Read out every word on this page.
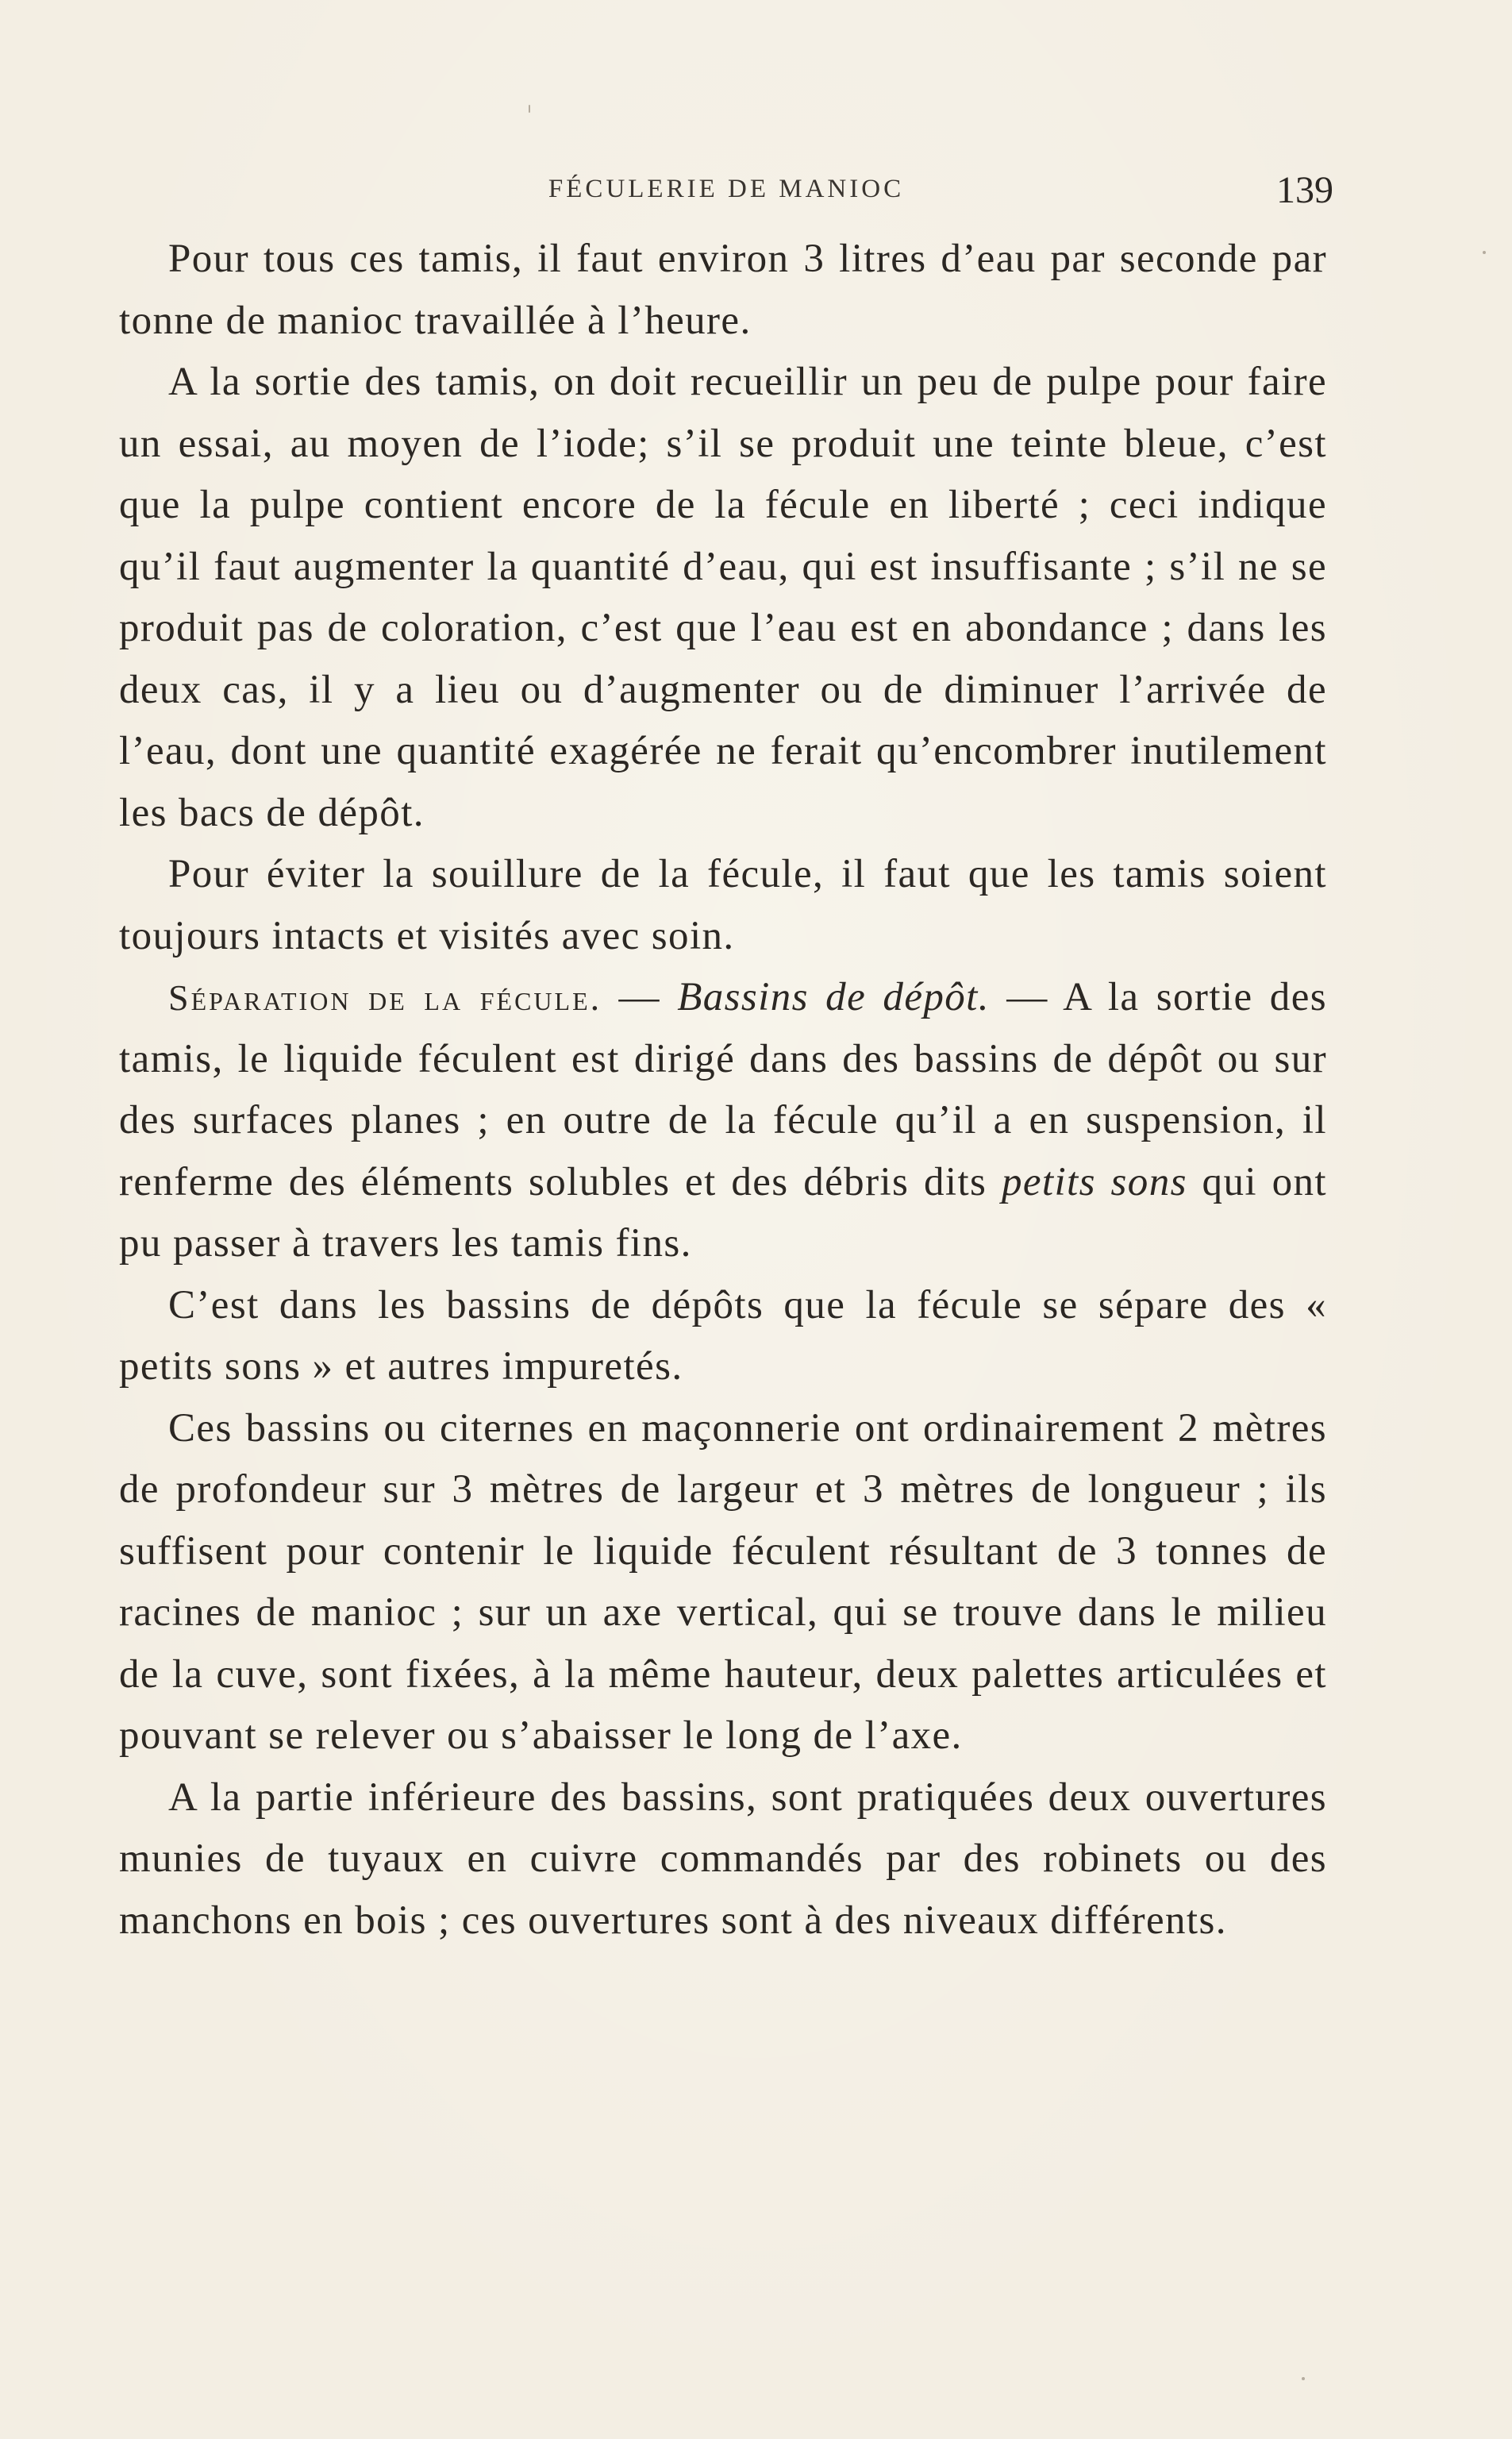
FÉCULERIE DE MANIOC	139

Pour tous ces tamis, il faut environ 3 litres d’eau par seconde par tonne de manioc travaillée à l’heure.

A la sortie des tamis, on doit recueillir un peu de pulpe pour faire un essai, au moyen de l’iode; s’il se produit une teinte bleue, c’est que la pulpe contient encore de la fécule en liberté ; ceci indique qu’il faut augmenter la quantité d’eau, qui est insuffisante ; s’il ne se produit pas de coloration, c’est que l’eau est en abondance ; dans les deux cas, il y a lieu ou d’augmenter ou de diminuer l’arrivée de l’eau, dont une quantité exagérée ne ferait qu’encombrer inutilement les bacs de dépôt.

Pour éviter la souillure de la fécule, il faut que les tamis soient toujours intacts et visités avec soin.

Séparation de la fécule. — Bassins de dépôt. — A la sortie des tamis, le liquide féculent est dirigé dans des bassins de dépôt ou sur des surfaces planes ; en outre de la fécule qu’il a en suspension, il renferme des éléments solubles et des débris dits petits sons qui ont pu passer à travers les tamis fins.

C’est dans les bassins de dépôts que la fécule se sépare des « petits sons » et autres impuretés.

Ces bassins ou citernes en maçonnerie ont ordinairement 2 mètres de profondeur sur 3 mètres de largeur et 3 mètres de longueur ; ils suffisent pour contenir le liquide féculent résultant de 3 tonnes de racines de manioc ; sur un axe vertical, qui se trouve dans le milieu de la cuve, sont fixées, à la même hauteur, deux palettes articulées et pouvant se relever ou s’abaisser le long de l’axe.

A la partie inférieure des bassins, sont pratiquées deux ouvertures munies de tuyaux en cuivre commandés par des robinets ou des manchons en bois ; ces ouvertures sont à des niveaux différents.
